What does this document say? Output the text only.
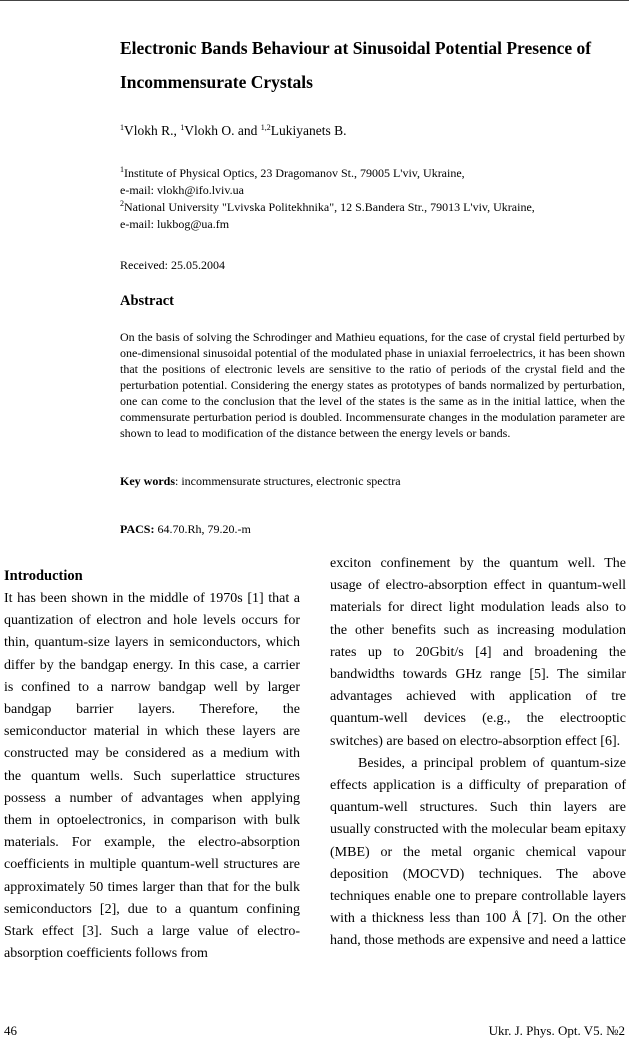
Electronic Bands Behaviour at Sinusoidal Potential Presence of Incommensurate Crystals
$^1$Vlokh R., $^1$Vlokh O. and $^{1,2}$Lukiyanets B.
$^1$Institute of Physical Optics, 23 Dragomanov St., 79005 L'viv, Ukraine,
e-mail: vlokh@ifo.lviv.ua
$^2$National University "Lvivska Politekhnika", 12 S.Bandera Str., 79013 L'viv, Ukraine,
e-mail: lukbog@ua.fm
Received: 25.05.2004
Abstract

On the basis of solving the Schrodinger and Mathieu equations, for the case of crystal field perturbed by one-dimensional sinusoidal potential of the modulated phase in uniaxial ferroelectrics, it has been shown that the positions of electronic levels are sensitive to the ratio of periods of the crystal field and the perturbation potential. Considering the energy states as prototypes of bands normalized by perturbation, one can come to the conclusion that the level of the states is the same as in the initial lattice, when the commensurate perturbation period is doubled. Incommensurate changes in the modulation parameter are shown to lead to modification of the distance between the energy levels or bands.

Key words: incommensurate structures, electronic spectra
PACS: 64.70.Rh, 79.20.-m
Introduction

It has been shown in the middle of 1970s [1] that a quantization of electron and hole levels occurs for thin, quantum-size layers in semiconductors, which differ by the bandgap energy. In this case, a carrier is confined to a narrow bandgap well by larger bandgap barrier layers. Therefore, the semiconductor material in which these layers are constructed may be considered as a medium with the quantum wells. Such superlattice structures possess a number of advantages when applying them in optoelectronics, in comparison with bulk materials. For example, the electro-absorption coefficients in multiple quantum-well structures are approximately 50 times larger than that for the bulk semiconductors [2], due to a quantum confining Stark effect [3]. Such a large value of electro-absorption coefficients follows from

exciton confinement by the quantum well. The usage of electro-absorption effect in quantum-well materials for direct light modulation leads also to the other benefits such as increasing modulation rates up to 20Gbit/s [4] and broadening the bandwidths towards GHz range [5]. The similar advantages achieved with application of tre quantum-well devices (e.g., the electrooptic switches) are based on electro-absorption effect [6].

Besides, a principal problem of quantum-size effects application is a difficulty of preparation of quantum-well structures. Such thin layers are usually constructed with the molecular beam epitaxy (MBE) or the metal organic chemical vapour deposition (MOCVD) techniques. The above techniques enable one to prepare controllable layers with a thickness less than 100 Å [7]. On the other hand, those methods are expensive and need a lattice

46	Ukr. J. Phys. Opt. V5. №2
